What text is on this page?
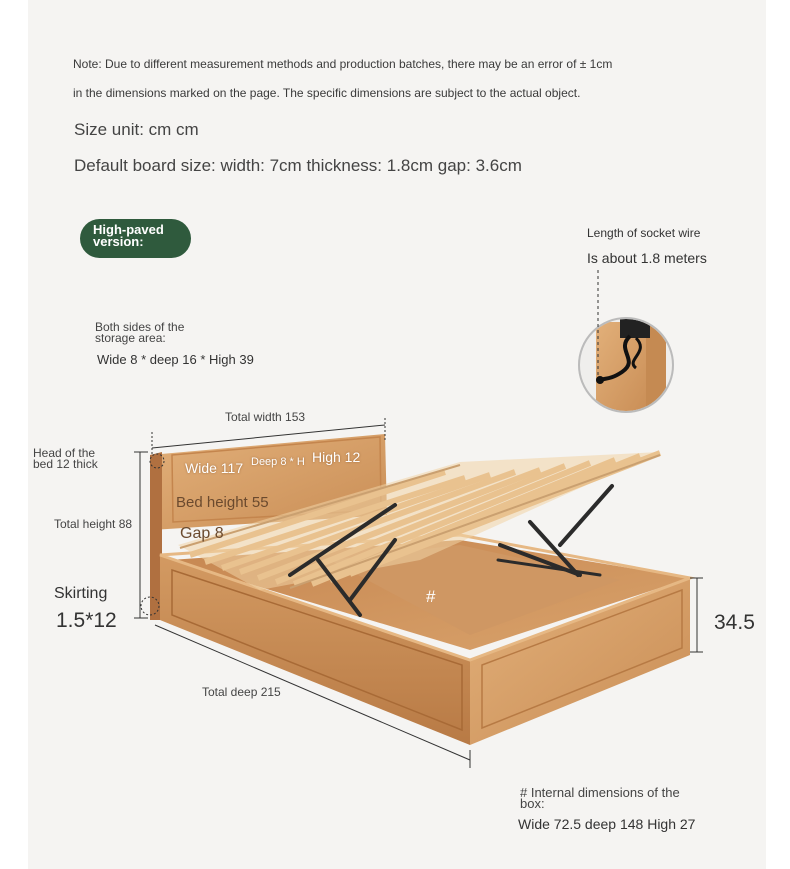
Note: Due to different measurement methods and production batches, there may be an error of ± 1cm
in the dimensions marked on the page. The specific dimensions are subject to the actual object.
Size unit: cm cm
Default board size: width: 7cm thickness: 1.8cm gap: 3.6cm
High-paved version:
Length of socket wire
Is about 1.8 meters
Both sides of the storage area:
Wide 8 * deep 16 * High 39
Total width 153
Head of the bed 12 thick	Wide 117 Deep 8 * H High 12
Bed height 55
Gap 8
Total height 88
Skirting
1.5*12	34.5
Total deep 215
#
# Internal dimensions of the box:
Wide 72.5 deep 148 High 27
